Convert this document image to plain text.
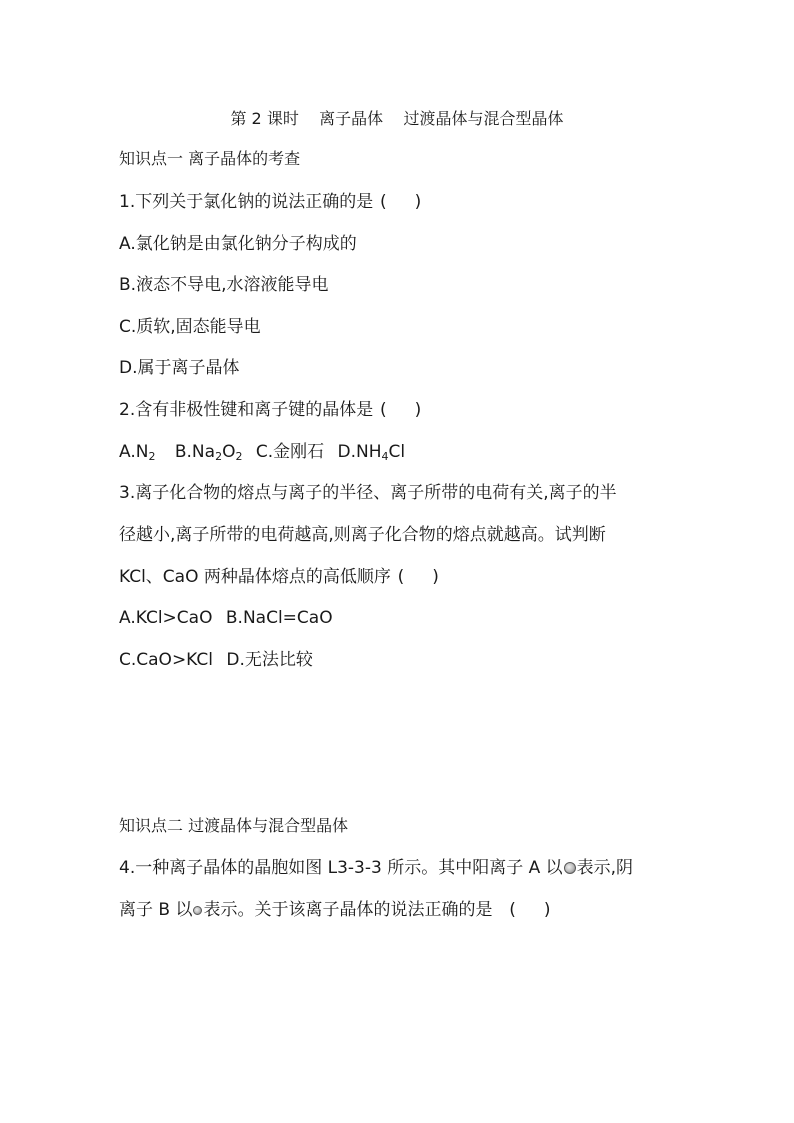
第 2 课时    离子晶体    过渡晶体与混合型晶体
知识点一 离子晶体的考查
1.下列关于氯化钠的说法正确的是 ( )
A.氯化钠是由氯化钠分子构成的
B.液态不导电,水溶液能导电
C.质软,固态能导电
D.属于离子晶体
2.含有非极性键和离子键的晶体是 ( )
$A.N_2$ $B.Na_2O_2$ C.金刚石 $D.NH_4Cl$
3.离子化合物的熔点与离子的半径、离子所带的电荷有关,离子的半
径越小,离子所带的电荷越高,则离子化合物的熔点就越高。试判断
KCl、CaO 两种晶体熔点的高低顺序 ( )
A.KCl>CaO B.NaCl=CaO
C.CaO>KCl D.无法比较
知识点二 过渡晶体与混合型晶体
4.一种离子晶体的晶胞如图 L3-3-3 所示。其中阳离子 A 以 表示,阴
离子 B 以 表示。关于该离子晶体的说法正确的是 ( )
